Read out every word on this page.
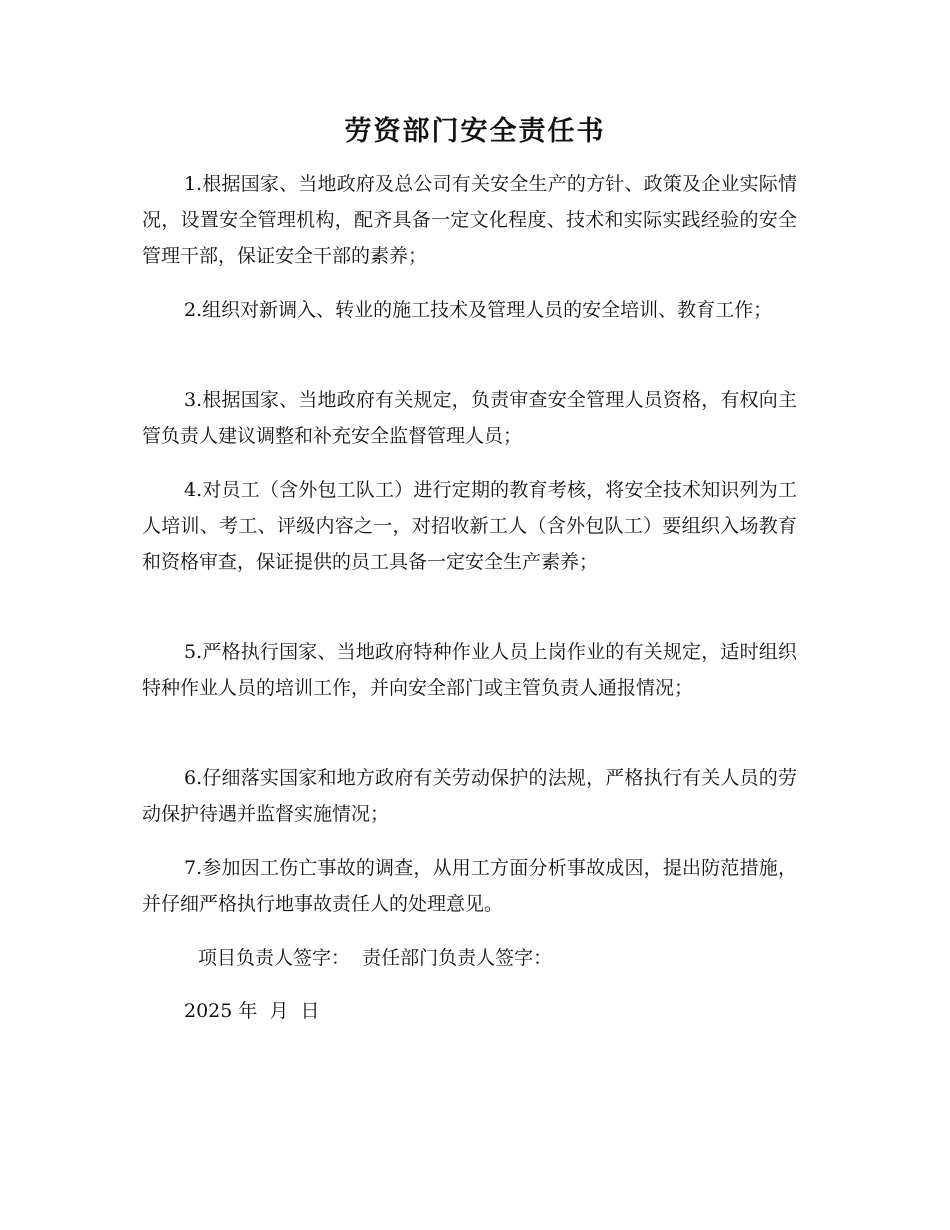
劳资部门安全责任书

1.根据国家、当地政府及总公司有关安全生产的方针、政策及企业实际情况，设置安全管理机构，配齐具备一定文化程度、技术和实际实践经验的安全管理干部，保证安全干部的素养；

2.组织对新调入、转业的施工技术及管理人员的安全培训、教育工作；

3.根据国家、当地政府有关规定，负责审查安全管理人员资格，有权向主管负责人建议调整和补充安全监督管理人员；

4.对员工（含外包工队工）进行定期的教育考核，将安全技术知识列为工人培训、考工、评级内容之一，对招收新工人（含外包队工）要组织入场教育和资格审查，保证提供的员工具备一定安全生产素养；

5.严格执行国家、当地政府特种作业人员上岗作业的有关规定，适时组织特种作业人员的培训工作，并向安全部门或主管负责人通报情况；

6.仔细落实国家和地方政府有关劳动保护的法规，严格执行有关人员的劳动保护待遇并监督实施情况；

7.参加因工伤亡事故的调查，从用工方面分析事故成因，提出防范措施，并仔细严格执行地事故责任人的处理意见。

项目负责人签字：  责任部门负责人签字：
2025 年  月  日
